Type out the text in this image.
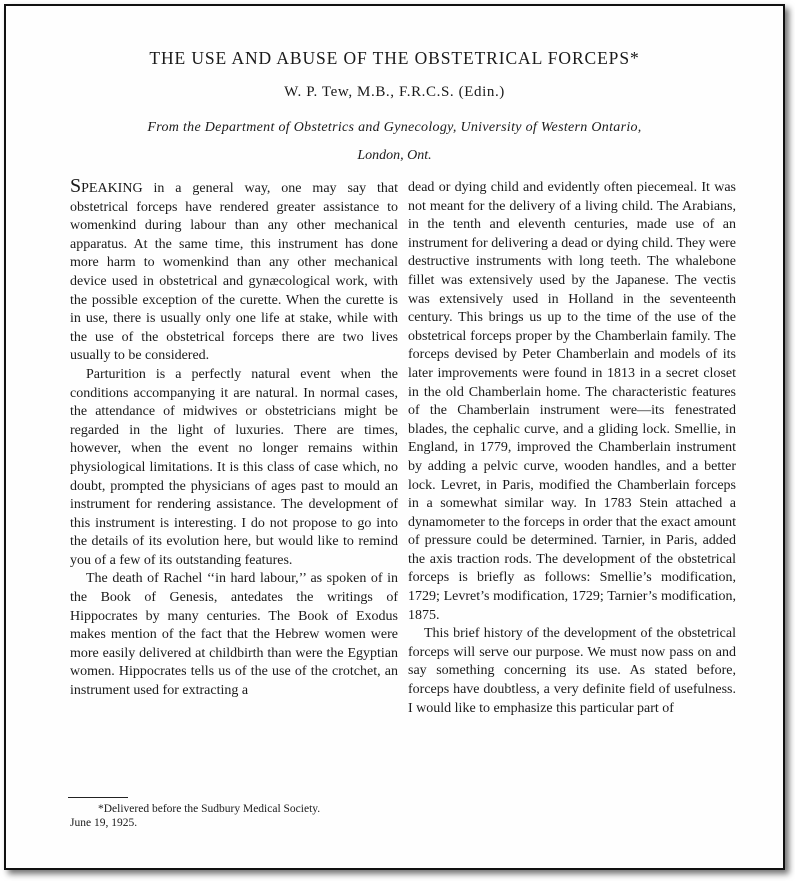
THE USE AND ABUSE OF THE OBSTETRICAL FORCEPS*
W. P. Tew, M.B., F.R.C.S. (Edin.)
From the Department of Obstetrics and Gynecology, University of Western Ontario,
London, Ont.

SPEAKING in a general way, one may say that obstetrical forceps have rendered greater assistance to womenkind during labour than any other mechanical apparatus. At the same time, this instrument has done more harm to womenkind than any other mechanical device used in obstetrical and gynæcological work, with the possible exception of the curette. When the curette is in use, there is usually only one life at stake, while with the use of the obstetrical forceps there are two lives usually to be considered.

Parturition is a perfectly natural event when the conditions accompanying it are natural. In normal cases, the attendance of midwives or obstetricians might be regarded in the light of luxuries. There are times, however, when the event no longer remains within physiological limitations. It is this class of case which, no doubt, prompted the physicians of ages past to mould an instrument for rendering assistance. The development of this instrument is interesting. I do not propose to go into the details of its evolution here, but would like to remind you of a few of its outstanding features.

The death of Rachel ‘‘in hard labour,’’ as spoken of in the Book of Genesis, antedates the writings of Hippocrates by many centuries. The Book of Exodus makes mention of the fact that the Hebrew women were more easily delivered at childbirth than were the Egyptian women. Hippocrates tells us of the use of the crotchet, an instrument used for extracting a

dead or dying child and evidently often piecemeal. It was not meant for the delivery of a living child. The Arabians, in the tenth and eleventh centuries, made use of an instrument for delivering a dead or dying child. They were destructive instruments with long teeth. The whalebone fillet was extensively used by the Japanese. The vectis was extensively used in Holland in the seventeenth century. This brings us up to the time of the use of the obstetrical forceps proper by the Chamberlain family. The forceps devised by Peter Chamberlain and models of its later improvements were found in 1813 in a secret closet in the old Chamberlain home. The characteristic features of the Chamberlain instrument were—its fenestrated blades, the cephalic curve, and a gliding lock. Smellie, in England, in 1779, improved the Chamberlain instrument by adding a pelvic curve, wooden handles, and a better lock. Levret, in Paris, modified the Chamberlain forceps in a somewhat similar way. In 1783 Stein attached a dynamometer to the forceps in order that the exact amount of pressure could be determined. Tarnier, in Paris, added the axis traction rods. The development of the obstetrical forceps is briefly as follows: Smellie’s modification, 1729; Levret’s modification, 1729; Tarnier’s modification, 1875.

This brief history of the development of the obstetrical forceps will serve our purpose. We must now pass on and say something concerning its use. As stated before, forceps have doubtless, a very definite field of usefulness. I would like to emphasize this particular part of

*Delivered before the Sudbury Medical Society.
June 19, 1925.
